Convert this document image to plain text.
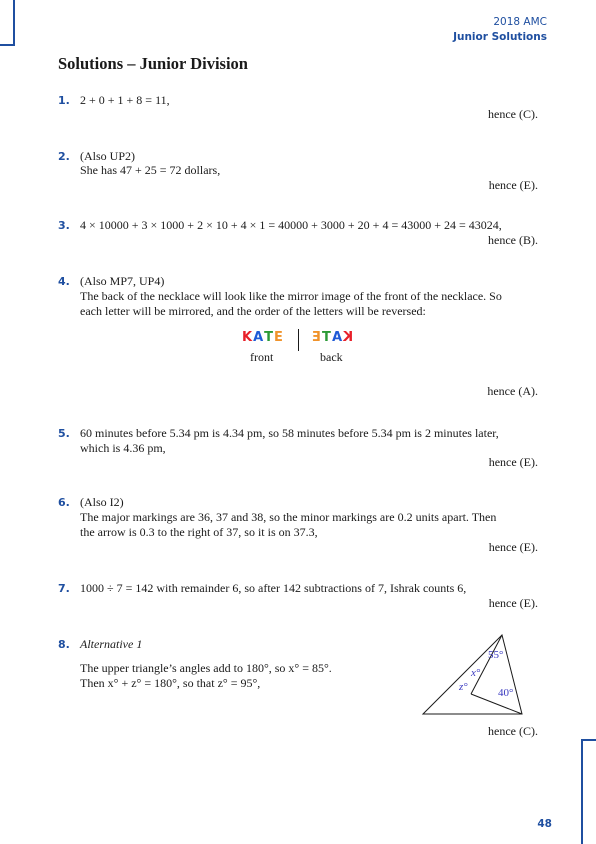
2018 AMC
Junior Solutions
Solutions – Junior Division
1. 2 + 0 + 1 + 8 = 11,
hence (C).
2. (Also UP2)
She has 47 + 25 = 72 dollars,
hence (E).
3. 4 × 10000 + 3 × 1000 + 2 × 10 + 4 × 1 = 40000 + 3000 + 20 + 4 = 43000 + 24 = 43024,
hence (B).
4. (Also MP7, UP4)
The back of the necklace will look like the mirror image of the front of the necklace. So
each letter will be mirrored, and the order of the letters will be reversed:
KATE ETAK
front	back
hence (A).
5. 60 minutes before 5.34 pm is 4.34 pm, so 58 minutes before 5.34 pm is 2 minutes later,
which is 4.36 pm,
hence (E).
6. (Also I2)
The major markings are 36, 37 and 38, so the minor markings are 0.2 units apart. Then
the arrow is 0.3 to the right of 37, so it is on 37.3,
hence (E).
7. 1000 ÷ 7 = 142 with remainder 6, so after 142 subtractions of 7, Ishrak counts 6,
hence (E).
8. Alternative 1
The upper triangle’s angles add to 180°, so x° = 85°.
Then x° + z° = 180°, so that z° = 95°,
55°
x°
z°	40°
hence (C).
48
